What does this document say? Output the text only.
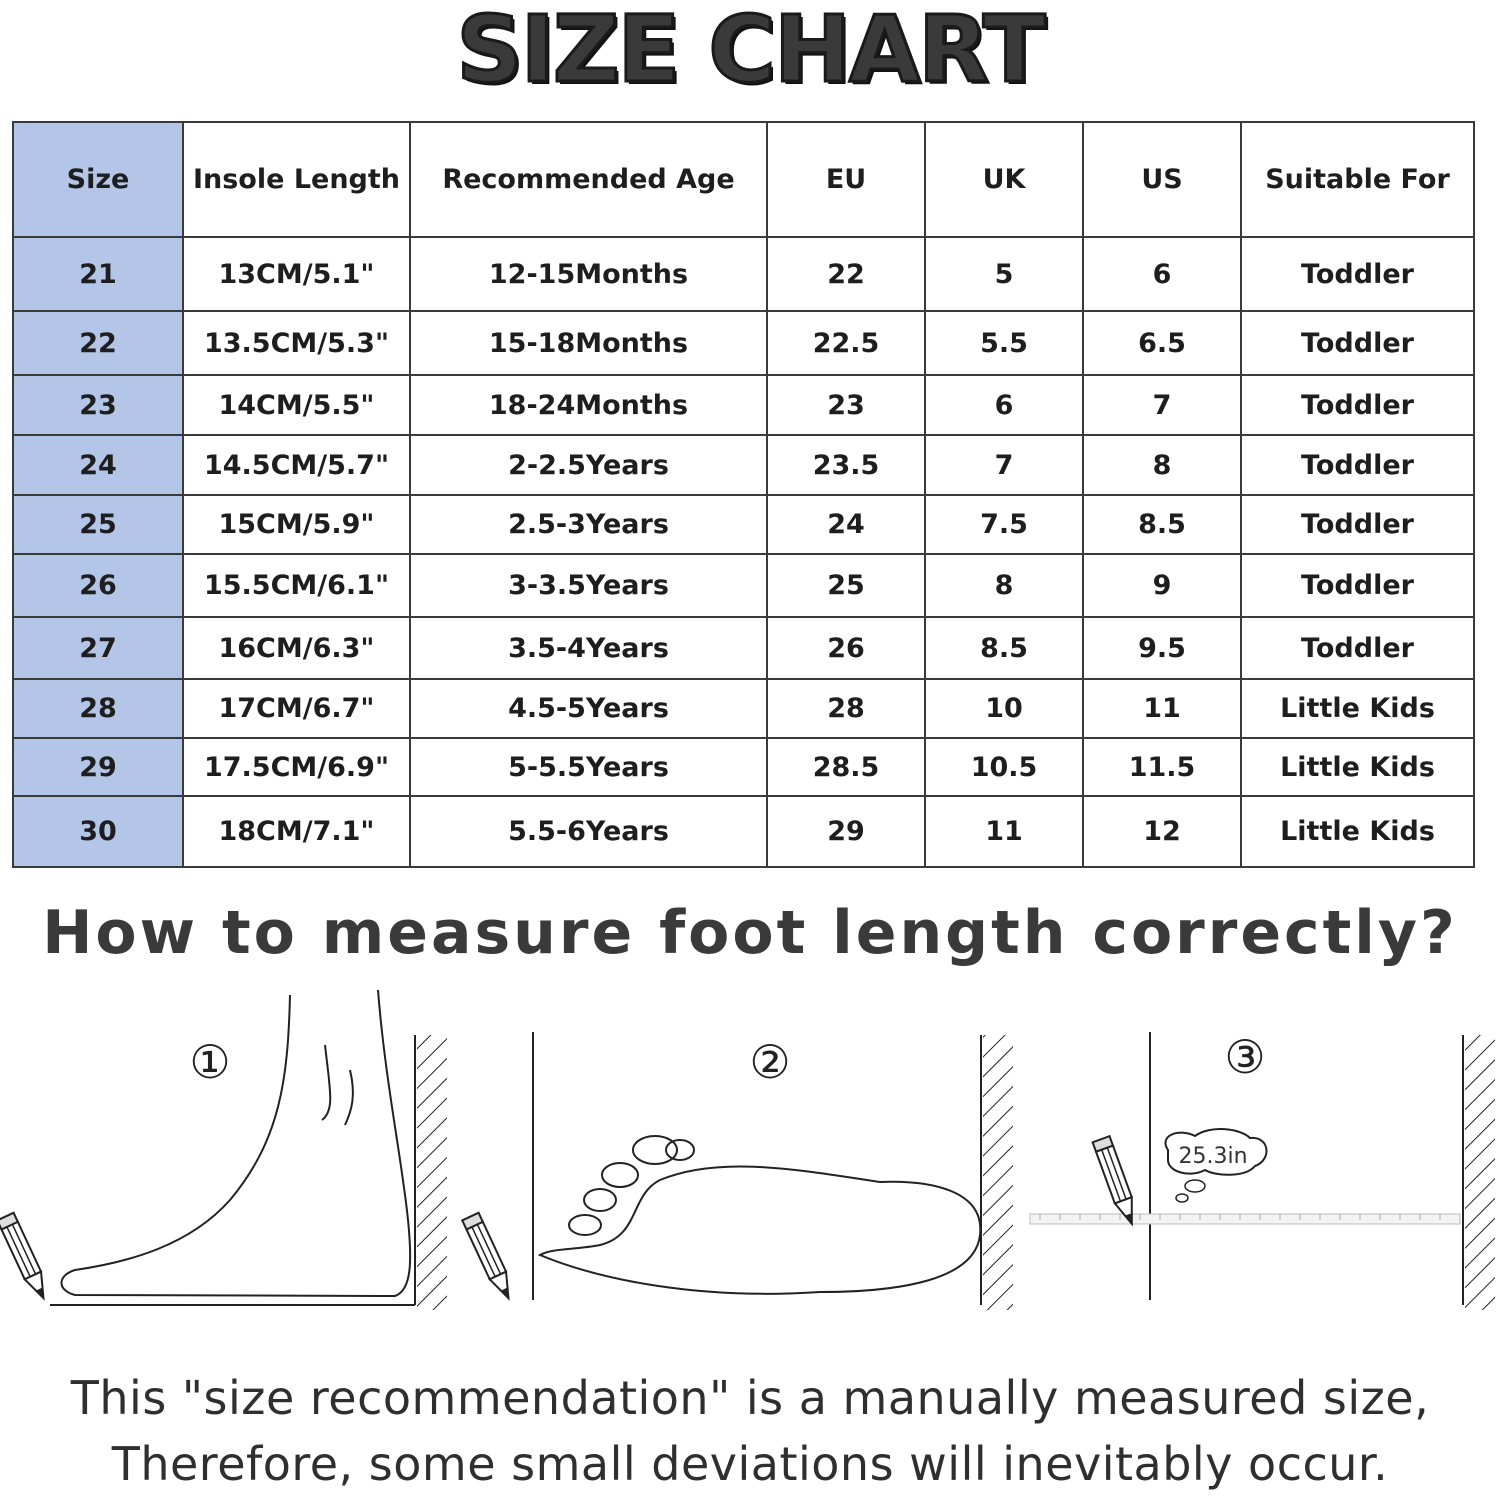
SIZE CHART
Size	Insole Length	Recommended Age	EU	UK	US	Suitable For
21	13CM/5.1"	12-15Months	22	5	6	Toddler
22	13.5CM/5.3"	15-18Months	22.5	5.5	6.5	Toddler
23	14CM/5.5"	18-24Months	23	6	7	Toddler
24	14.5CM/5.7"	2-2.5Years	23.5	7	8	Toddler
25	15CM/5.9"	2.5-3Years	24	7.5	8.5	Toddler
26	15.5CM/6.1"	3-3.5Years	25	8	9	Toddler
27	16CM/6.3"	3.5-4Years	26	8.5	9.5	Toddler
28	17CM/6.7"	4.5-5Years	28	10	11	Little Kids
29	17.5CM/6.9"	5-5.5Years	28.5	10.5	11.5	Little Kids
30	18CM/7.1"	5.5-6Years	29	11	12	Little Kids
How to measure foot length correctly?
①	②	③
25.3in
This "size recommendation" is a manually measured size,
Therefore, some small deviations will inevitably occur.
